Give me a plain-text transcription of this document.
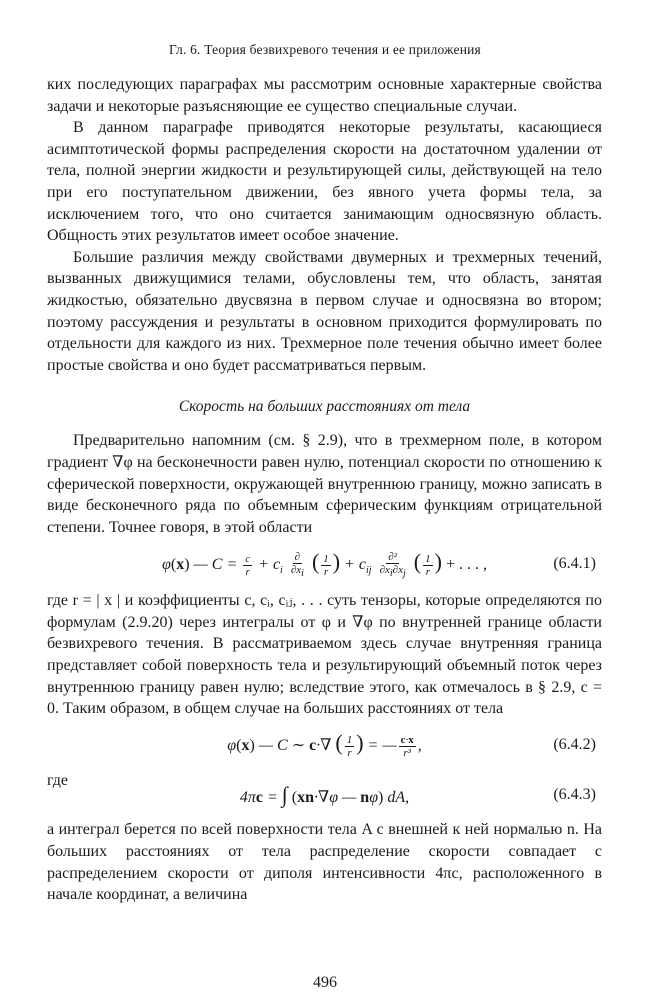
Гл. 6. Теория безвихревого течения и ее приложения

ких последующих параграфах мы рассмотрим основные характерные свойства задачи и некоторые разъясняющие ее существо специальные случаи.

В данном параграфе приводятся некоторые результаты, касающиеся асимптотической формы распределения скорости на достаточном удалении от тела, полной энергии жидкости и результирующей силы, действующей на тело при его поступательном движении, без явного учета формы тела, за исключением того, что оно считается занимающим односвязную область. Общность этих результатов имеет особое значение.

Большие различия между свойствами двумерных и трехмерных течений, вызванных движущимися телами, обусловлены тем, что область, занятая жидкостью, обязательно двусвязна в первом случае и односвязна во втором; поэтому рассуждения и результаты в основном приходится формулировать по отдельности для каждого из них. Трехмерное поле течения обычно имеет более простые свойства и оно будет рассматриваться первым.

Скорость на больших расстояниях от тела

Предварительно напомним (см. § 2.9), что в трехмерном поле, в котором градиент ∇φ на бесконечности равен нулю, потенциал скорости по отношению к сферической поверхности, окружающей внутреннюю границу, можно записать в виде бесконечного ряда по объемным сферическим функциям отрицательной степени. Точнее говоря, в этой области

φ(x) — $C = \frac{c}{r} + c_i \frac{\partial}{\partial x_i}$ ( $\frac{1}{r}$ ) + $c_{ij} \frac{\text{∂²}}{\partial x_i\partial x_j}$ ( $\frac{1}{r}$ ) + . . . ,	(6.4.1)

где r = | x | и коэффициенты c, cᵢ, cᵢⱼ, . . . суть тензоры, которые определяются по формулам (2.9.20) через интегралы от φ и ∇φ по внутренней границе области безвихревого течения. В рассматриваемом здесь случае внутренняя граница представляет собой поверхность тела и результирующий объемный поток через внутреннюю границу равен нулю; вследствие этого, как отмечалось в § 2.9, c = 0. Таким образом, в общем случае на больших расстояниях от тела

φ(x) — C ∼ c·∇ ( $\frac{1}{r}$ ) = — $\frac{c\cdot x}{\text{r³}}$ ,	(6.4.2)

где

4πc = ∫ (xn·∇φ — nφ) dA,	(6.4.3)

а интеграл берется по всей поверхности тела A с внешней к ней нормалью n. На больших расстояниях от тела распределение скорости совпадает с распределением скорости от диполя интенсивности 4πc, расположенного в начале координат, а величина

496
